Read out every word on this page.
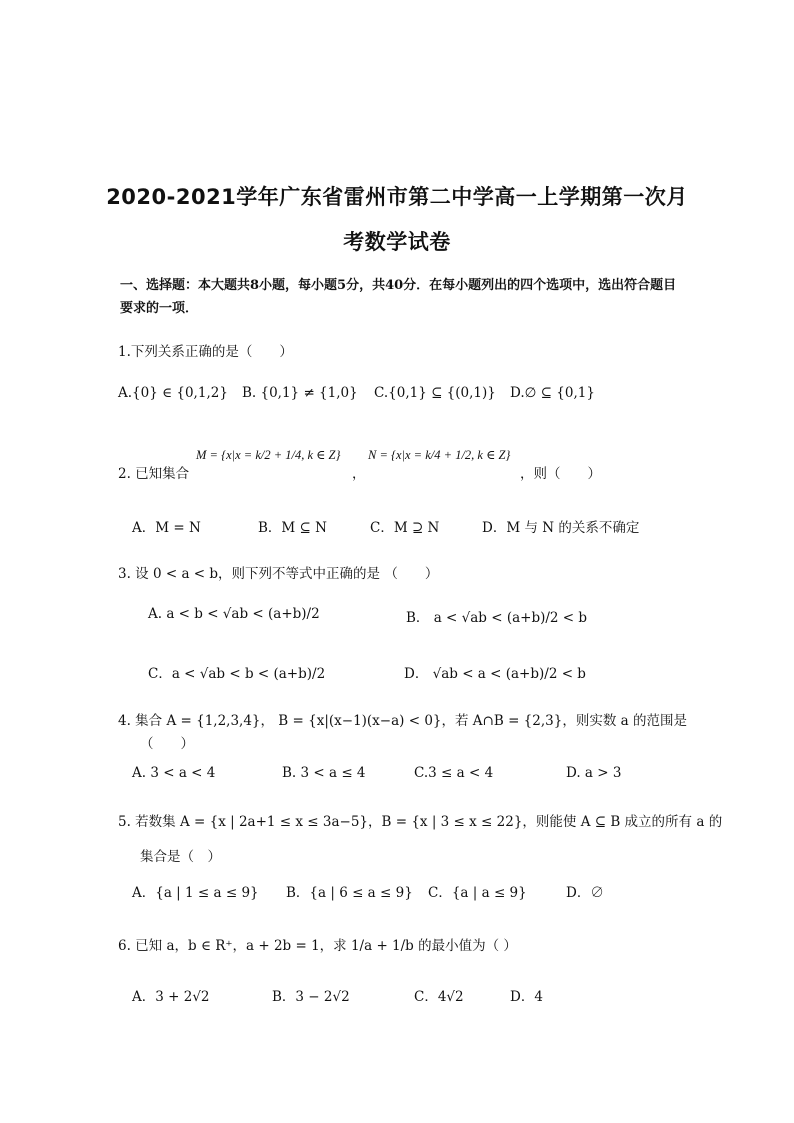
2020-2021学年广东省雷州市第二中学高一上学期第一次月
考数学试卷
一、选择题：本大题共8小题，每小题5分，共40分．在每小题列出的四个选项中，选出符合题目要求的一项．
1.下列关系正确的是（　　）
A.{0} ∈ {0,1,2} B. {0,1} ≠ {1,0} C.{0,1} ⊆ {(0,1)} D.∅ ⊆ {0,1}
2. 已知集合
M = {x|x = k/2 + 1/4, k ∈ Z}
，
N = {x|x = k/4 + 1/2, k ∈ Z}
，则（　　）
A．M = N	B．M ⊆ N	C．M ⊇ N	D．M 与 N 的关系不确定
3. 设 0 < a < b，则下列不等式中正确的是 （　　）
A. a < b < √ab < (a+b)/2	B． a < √ab < (a+b)/2 < b
C．a < √ab < b < (a+b)/2	D． √ab < a < (a+b)/2 < b
4. 集合 A = {1,2,3,4}， B = {x|(x−1)(x−a) < 0}，若 A∩B = {2,3}，则实数 a 的范围是
（　　）
A. 3 < a < 4	B. 3 < a ≤ 4	C.3 ≤ a < 4	D. a > 3
5. 若数集 A = {x | 2a+1 ≤ x ≤ 3a−5}，B = {x | 3 ≤ x ≤ 22}，则能使 A ⊆ B 成立的所有 a 的
集合是（　）
A．{a | 1 ≤ a ≤ 9} B．{a | 6 ≤ a ≤ 9} C．{a | a ≤ 9}	D．∅
6. 已知 a，b ∈ R⁺，a + 2b = 1，求 1/a + 1/b 的最小值为（ ）
A．3 + 2√2	B．3 − 2√2	C．4√2	D．4
